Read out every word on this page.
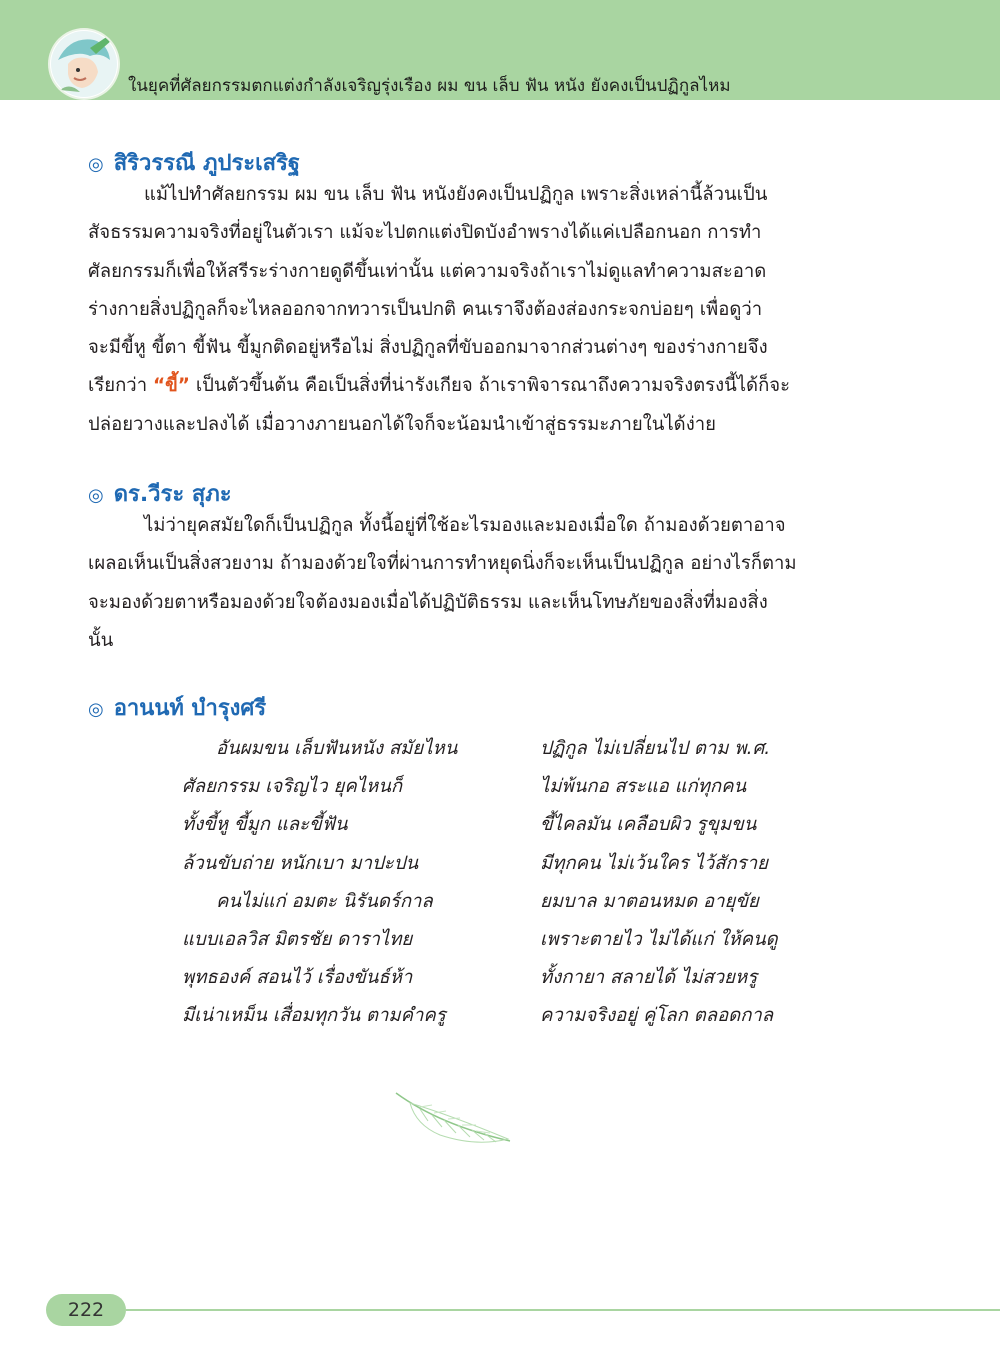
ในยุคที่ศัลยกรรมตกแต่งกำลังเจริญรุ่งเรือง ผม ขน เล็บ ฟัน หนัง ยังคงเป็นปฏิกูลไหม
◎ สิริวรรณี ภูประเสริฐ
แม้ไปทำศัลยกรรม ผม ขน เล็บ ฟัน หนังยังคงเป็นปฏิกูล เพราะสิ่งเหล่านี้ล้วนเป็น
สัจธรรมความจริงที่อยู่ในตัวเรา แม้จะไปตกแต่งปิดบังอำพรางได้แค่เปลือกนอก การทำ
ศัลยกรรมก็เพื่อให้สรีระร่างกายดูดีขึ้นเท่านั้น แต่ความจริงถ้าเราไม่ดูแลทำความสะอาด
ร่างกายสิ่งปฏิกูลก็จะไหลออกจากทวารเป็นปกติ คนเราจึงต้องส่องกระจกบ่อยๆ เพื่อดูว่า
จะมีขี้หู ขี้ตา ขี้ฟัน ขี้มูกติดอยู่หรือไม่ สิ่งปฏิกูลที่ขับออกมาจากส่วนต่างๆ ของร่างกายจึง
เรียกว่า “ขี้” เป็นตัวขึ้นต้น คือเป็นสิ่งที่น่ารังเกียจ ถ้าเราพิจารณาถึงความจริงตรงนี้ได้ก็จะ
ปล่อยวางและปลงได้ เมื่อวางภายนอกได้ใจก็จะน้อมนำเข้าสู่ธรรมะภายในได้ง่าย
◎ ดร.วีระ สุภะ
ไม่ว่ายุคสมัยใดก็เป็นปฏิกูล ทั้งนี้อยู่ที่ใช้อะไรมองและมองเมื่อใด ถ้ามองด้วยตาอาจ
เผลอเห็นเป็นสิ่งสวยงาม ถ้ามองด้วยใจที่ผ่านการทำหยุดนิ่งก็จะเห็นเป็นปฏิกูล อย่างไรก็ตาม
จะมองด้วยตาหรือมองด้วยใจต้องมองเมื่อได้ปฏิบัติธรรม และเห็นโทษภัยของสิ่งที่มองสิ่ง
นั้น
◎ อานนท์ บำรุงศรี
อันผมขน เล็บฟันหนัง สมัยไหน
ศัลยกรรม เจริญไว ยุคไหนก็
ทั้งขี้หู ขี้มูก และขี้ฟัน
ล้วนขับถ่าย หนักเบา มาปะปน
คนไม่แก่ อมตะ นิรันดร์กาล
แบบเอลวิส มิตรชัย ดาราไทย
พุทธองค์ สอนไว้ เรื่องขันธ์ห้า
มีเน่าเหม็น เสื่อมทุกวัน ตามคำครู
ปฏิกูล ไม่เปลี่ยนไป ตาม พ.ศ.
ไม่พ้นกอ สระแอ แก่ทุกคน
ขี้ไคลมัน เคลือบผิว รูขุมขน
มีทุกคน ไม่เว้นใคร ไว้สักราย
ยมบาล มาตอนหมด อายุขัย
เพราะตายไว ไม่ได้แก่ ให้คนดู
ทั้งกายา สลายได้ ไม่สวยหรู
ความจริงอยู่ คู่โลก ตลอดกาล
222
